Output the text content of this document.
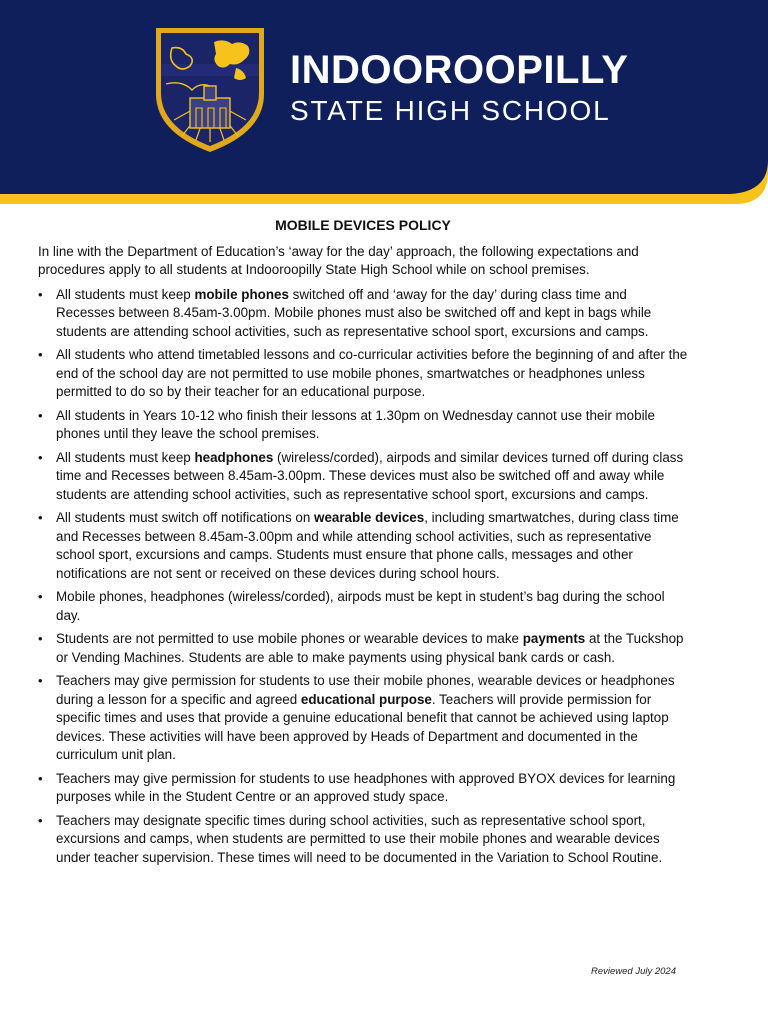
INDOOROOPILLY
STATE HIGH SCHOOL
MOBILE DEVICES POLICY

In line with the Department of Education’s ‘away for the day’ approach, the following expectations and procedures apply to all students at Indooroopilly State High School while on school premises.

• All students must keep mobile phones switched off and ‘away for the day’ during class time and Recesses between 8.45am-3.00pm. Mobile phones must also be switched off and kept in bags while students are attending school activities, such as representative school sport, excursions and camps.
• All students who attend timetabled lessons and co-curricular activities before the beginning of and after the end of the school day are not permitted to use mobile phones, smartwatches or headphones unless permitted to do so by their teacher for an educational purpose.
• All students in Years 10-12 who finish their lessons at 1.30pm on Wednesday cannot use their mobile phones until they leave the school premises.
• All students must keep headphones (wireless/corded), airpods and similar devices turned off during class time and Recesses between 8.45am-3.00pm. These devices must also be switched off and away while students are attending school activities, such as representative school sport, excursions and camps.
• All students must switch off notifications on wearable devices, including smartwatches, during class time and Recesses between 8.45am-3.00pm and while attending school activities, such as representative school sport, excursions and camps. Students must ensure that phone calls, messages and other notifications are not sent or received on these devices during school hours.
• Mobile phones, headphones (wireless/corded), airpods must be kept in student’s bag during the school day.
• Students are not permitted to use mobile phones or wearable devices to make payments at the Tuckshop or Vending Machines. Students are able to make payments using physical bank cards or cash.
• Teachers may give permission for students to use their mobile phones, wearable devices or headphones during a lesson for a specific and agreed educational purpose. Teachers will provide permission for specific times and uses that provide a genuine educational benefit that cannot be achieved using laptop devices. These activities will have been approved by Heads of Department and documented in the curriculum unit plan.
• Teachers may give permission for students to use headphones with approved BYOX devices for learning purposes while in the Student Centre or an approved study space.
• Teachers may designate specific times during school activities, such as representative school sport, excursions and camps, when students are permitted to use their mobile phones and wearable devices under teacher supervision. These times will need to be documented in the Variation to School Routine.
Reviewed July 2024
